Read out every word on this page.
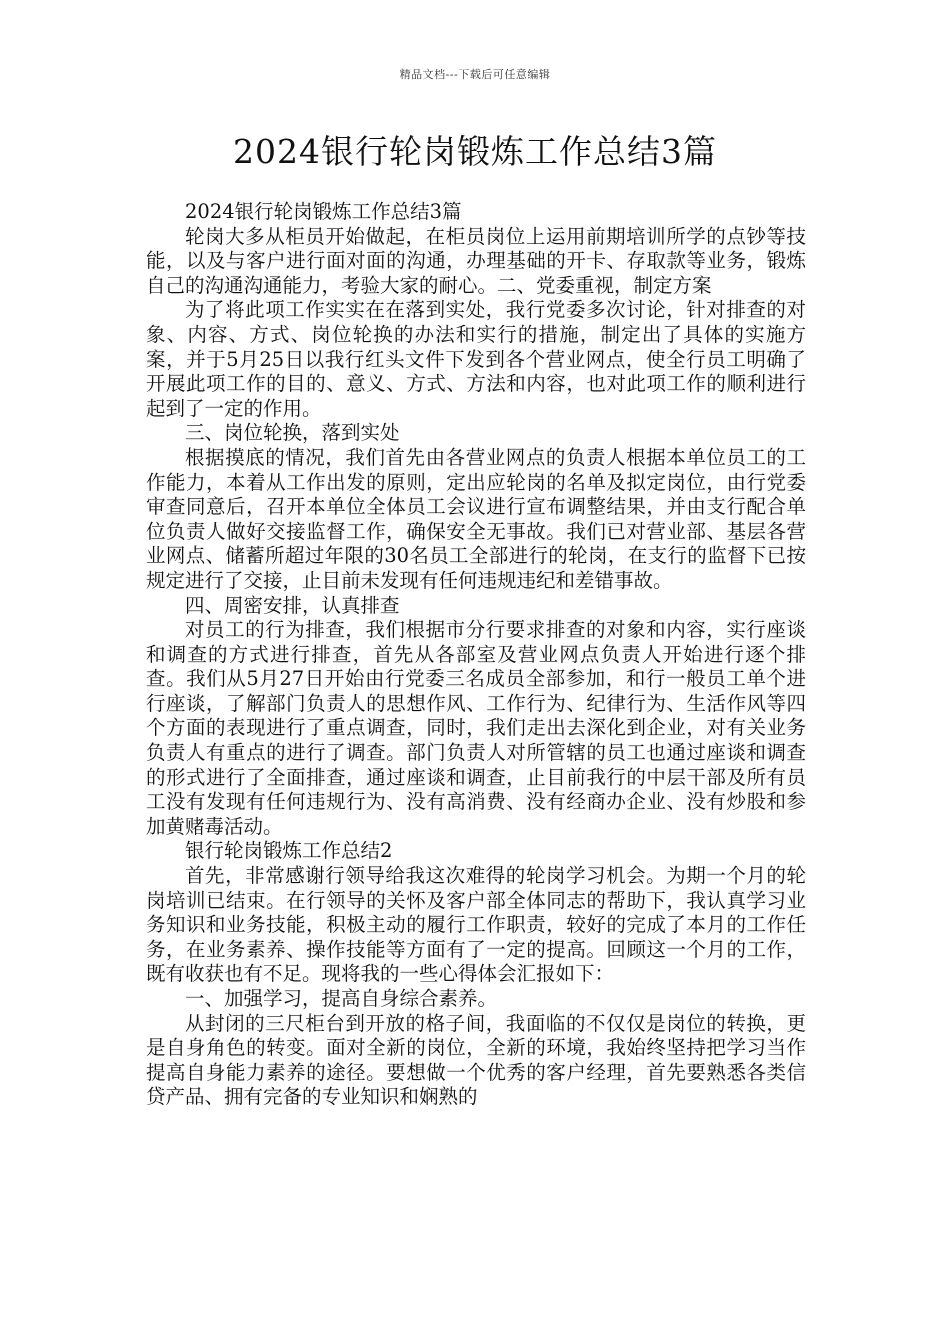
精品文档---下载后可任意编辑
2024银行轮岗锻炼工作总结3篇

2024银行轮岗锻炼工作总结3篇

轮岗大多从柜员开始做起，在柜员岗位上运用前期培训所学的点钞等技能，以及与客户进行面对面的沟通，办理基础的开卡、存取款等业务，锻炼自己的沟通沟通能力，考验大家的耐心。二、党委重视，制定方案

为了将此项工作实实在在落到实处，我行党委多次讨论，针对排查的对象、内容、方式、岗位轮换的办法和实行的措施，制定出了具体的实施方案，并于5月25日以我行红头文件下发到各个营业网点，使全行员工明确了开展此项工作的目的、意义、方式、方法和内容，也对此项工作的顺利进行起到了一定的作用。

三、岗位轮换，落到实处

根据摸底的情况，我们首先由各营业网点的负责人根据本单位员工的工作能力，本着从工作出发的原则，定出应轮岗的名单及拟定岗位，由行党委审查同意后，召开本单位全体员工会议进行宣布调整结果，并由支行配合单位负责人做好交接监督工作，确保安全无事故。我们已对营业部、基层各营业网点、储蓄所超过年限的30名员工全部进行的轮岗，在支行的监督下已按规定进行了交接，止目前未发现有任何违规违纪和差错事故。

四、周密安排，认真排查

对员工的行为排查，我们根据市分行要求排查的对象和内容，实行座谈和调查的方式进行排查，首先从各部室及营业网点负责人开始进行逐个排查。我们从5月27日开始由行党委三名成员全部参加，和行一般员工单个进行座谈，了解部门负责人的思想作风、工作行为、纪律行为、生活作风等四个方面的表现进行了重点调查，同时，我们走出去深化到企业，对有关业务负责人有重点的进行了调查。部门负责人对所管辖的员工也通过座谈和调查的形式进行了全面排查，通过座谈和调查，止目前我行的中层干部及所有员工没有发现有任何违规行为、没有高消费、没有经商办企业、没有炒股和参加黄赌毒活动。

银行轮岗锻炼工作总结2

首先，非常感谢行领导给我这次难得的轮岗学习机会。为期一个月的轮岗培训已结束。在行领导的关怀及客户部全体同志的帮助下，我认真学习业务知识和业务技能，积极主动的履行工作职责，较好的完成了本月的工作任务，在业务素养、操作技能等方面有了一定的提高。回顾这一个月的工作，既有收获也有不足。现将我的一些心得体会汇报如下：

一、加强学习，提高自身综合素养。

从封闭的三尺柜台到开放的格子间，我面临的不仅仅是岗位的转换，更是自身角色的转变。面对全新的岗位，全新的环境，我始终坚持把学习当作提高自身能力素养的途径。要想做一个优秀的客户经理，首先要熟悉各类信贷产品、拥有完备的专业知识和娴熟的
